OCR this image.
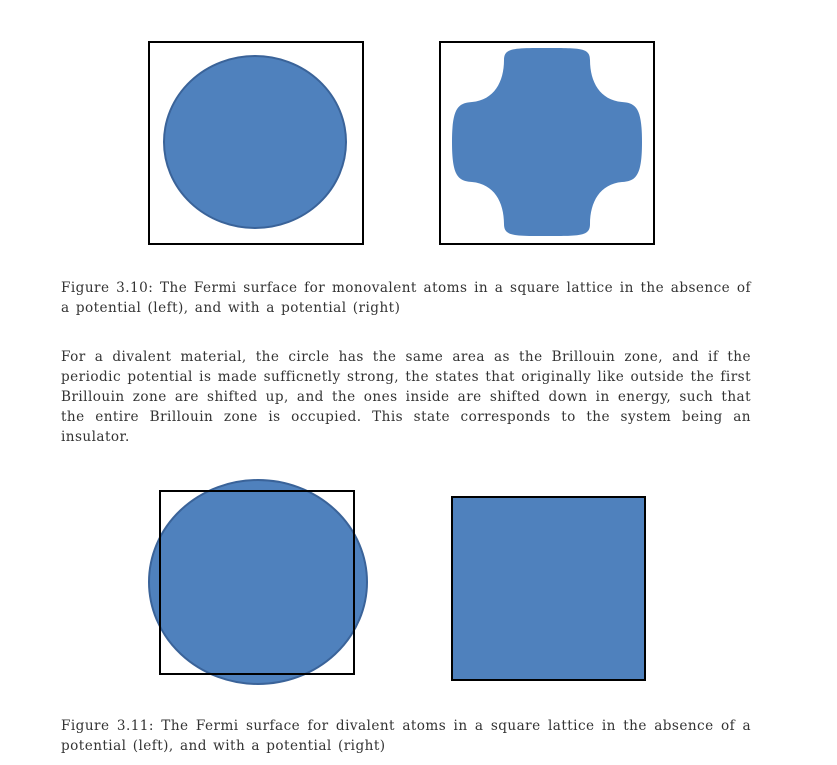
Figure 3.10: The Fermi surface for monovalent atoms in a square lattice in the absence of a potential (left), and with a potential (right)
For a divalent material, the circle has the same area as the Brillouin zone, and if the periodic potential is made sufficnetly strong, the states that originally like outside the first Brillouin zone are shifted up, and the ones inside are shifted down in energy, such that the entire Brillouin zone is occupied. This state corresponds to the system being an insulator.
Figure 3.11: The Fermi surface for divalent atoms in a square lattice in the absence of a potential (left), and with a potential (right)
